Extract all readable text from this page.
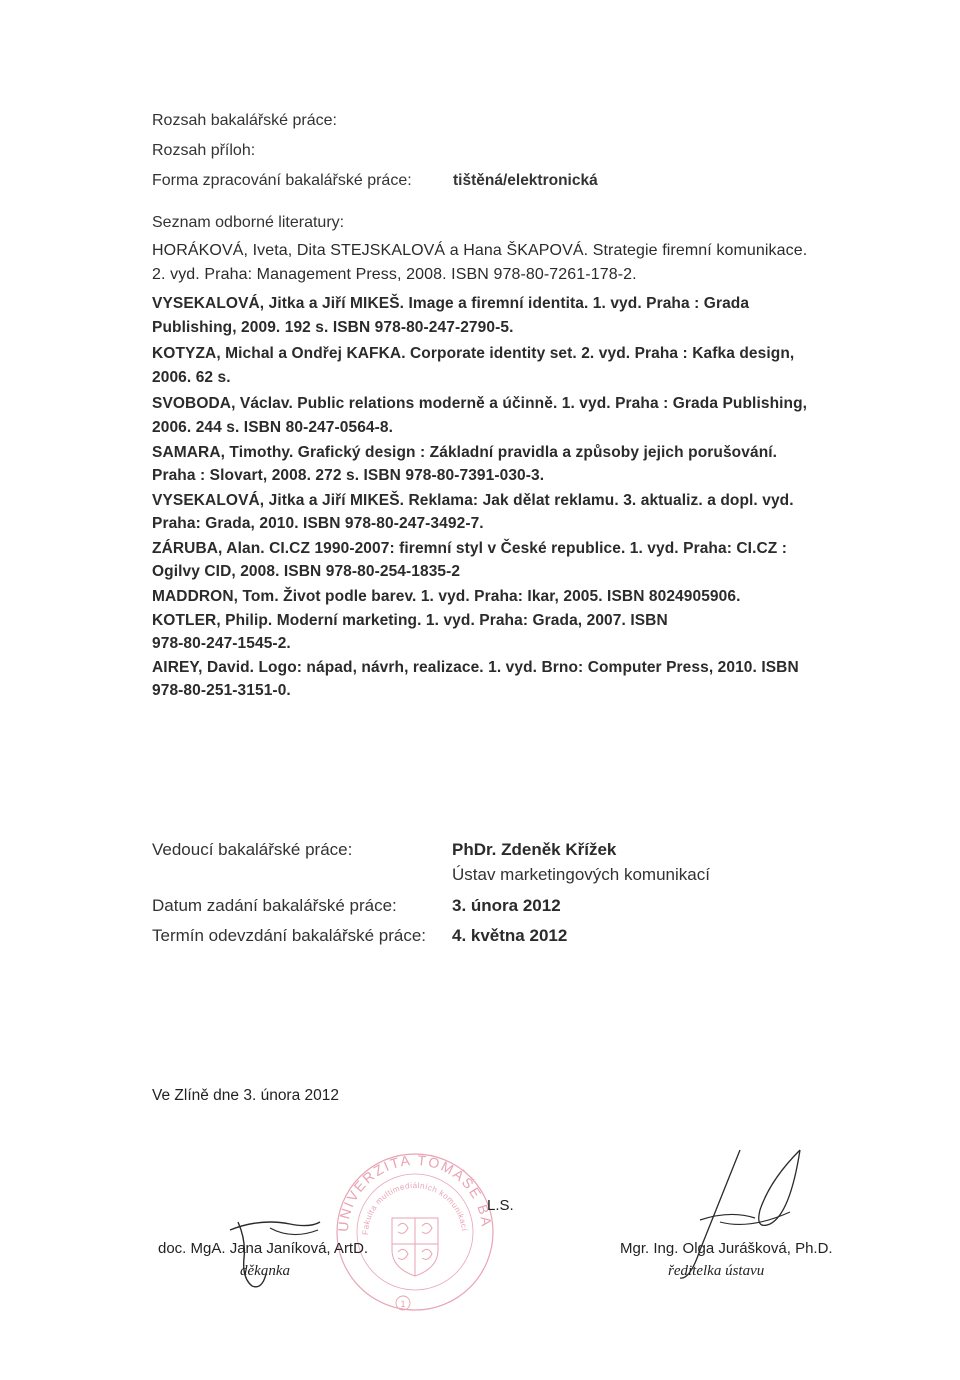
Rozsah bakalářské práce:
Rozsah příloh:
Forma zpracování bakalářské práce:	tištěná/elektronická
Seznam odborné literatury:
HORÁKOVÁ, Iveta, Dita STEJSKALOVÁ a Hana ŠKAPOVÁ. Strategie firemní komunikace.
2. vyd. Praha: Management Press, 2008. ISBN 978-80-7261-178-2.
VYSEKALOVÁ, Jitka a Jiří MIKEŠ. Image a firemní identita. 1. vyd. Praha : Grada
Publishing, 2009. 192 s. ISBN 978-80-247-2790-5.
KOTYZA, Michal a Ondřej KAFKA. Corporate identity set. 2. vyd. Praha : Kafka design,
2006. 62 s.
SVOBODA, Václav. Public relations moderně a účinně. 1. vyd. Praha : Grada Publishing,
2006. 244 s. ISBN 80-247-0564-8.
SAMARA, Timothy. Grafický design : Základní pravidla a způsoby jejich porušování.
Praha : Slovart, 2008. 272 s. ISBN 978-80-7391-030-3.
VYSEKALOVÁ, Jitka a Jiří MIKEŠ. Reklama: Jak dělat reklamu. 3. aktualiz. a dopl. vyd.
Praha: Grada, 2010. ISBN 978-80-247-3492-7.
ZÁRUBA, Alan. CI.CZ 1990-2007: firemní styl v České republice. 1. vyd. Praha: CI.CZ :
Ogilvy CID, 2008. ISBN 978-80-254-1835-2
MADDRON, Tom. Život podle barev. 1. vyd. Praha: Ikar, 2005. ISBN 8024905906.
KOTLER, Philip. Moderní marketing. 1. vyd. Praha: Grada, 2007. ISBN
978-80-247-1545-2.
AIREY, David. Logo: nápad, návrh, realizace. 1. vyd. Brno: Computer Press, 2010. ISBN
978-80-251-3151-0.
Vedoucí bakalářské práce:	PhDr. Zdeněk Křížek
Ústav marketingových komunikací
Datum zadání bakalářské práce:	3. února 2012
Termín odevzdání bakalářské práce: 4. května 2012
Ve Zlíně dne 3. února 2012
UNIVERZITA TOMÁŠE BATI VE ZLÍNĚ
Fakulta multimediálních komunikací
1
L.S.
doc. MgA. Jana Janíková, ArtD.
děkanka
Mgr. Ing. Olga Jurášková, Ph.D.
ředitelka ústavu
